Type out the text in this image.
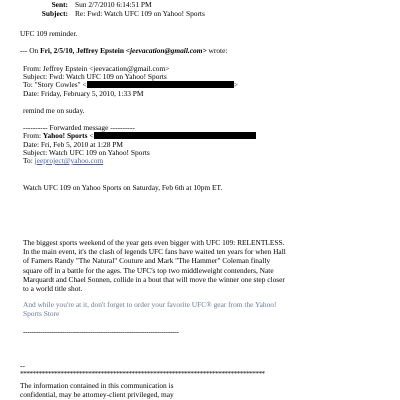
Sent: Sun 2/7/2010 6:14:51 PM
Subject: Re: Fwd: Watch UFC 109 on Yahoo! Sports
UFC 109 reminder.
--- On Fri, 2/5/10, Jeffrey Epstein <jeevacation@gmail.com> wrote:
From: Jeffrey Epstein <jeevacation@gmail.com>
Subject: Fwd: Watch UFC 109 on Yahoo! Sports
To: "Story Cowles" <	>
Date: Friday, February 5, 2010, 1:33 PM
remind me on suday.
---------- Forwarded message ----------
From: Yahoo! Sports <
Date: Fri, Feb 5, 2010 at 1:28 PM
Subject: Watch UFC 109 on Yahoo! Sports
To: jeeproject@yahoo.com
Watch UFC 109 on Yahoo Sports on Saturday, Feb 6th at 10pm ET.
The biggest sports weekend of the year gets even bigger with UFC 109: RELENTLESS.
In the main event, it's the clash of legends UFC fans have waited ten years for when Hall
of Famers Randy "The Natural" Couture and Mark "The Hammer" Coleman finally
square off in a battle for the ages. The UFC's top two middleweight contenders, Nate
Marquardt and Chael Sonnen, collide in a bout that will move the winner one step closer
to a world title shot.
And while you're at it, don't forget to order your favorite UFC® gear from the Yahoo!
Sports Store
------------------------------------------------------------------------
--
*******************************************************************************
The information contained in this communication is
confidential, may be attorney-client privileged, may
